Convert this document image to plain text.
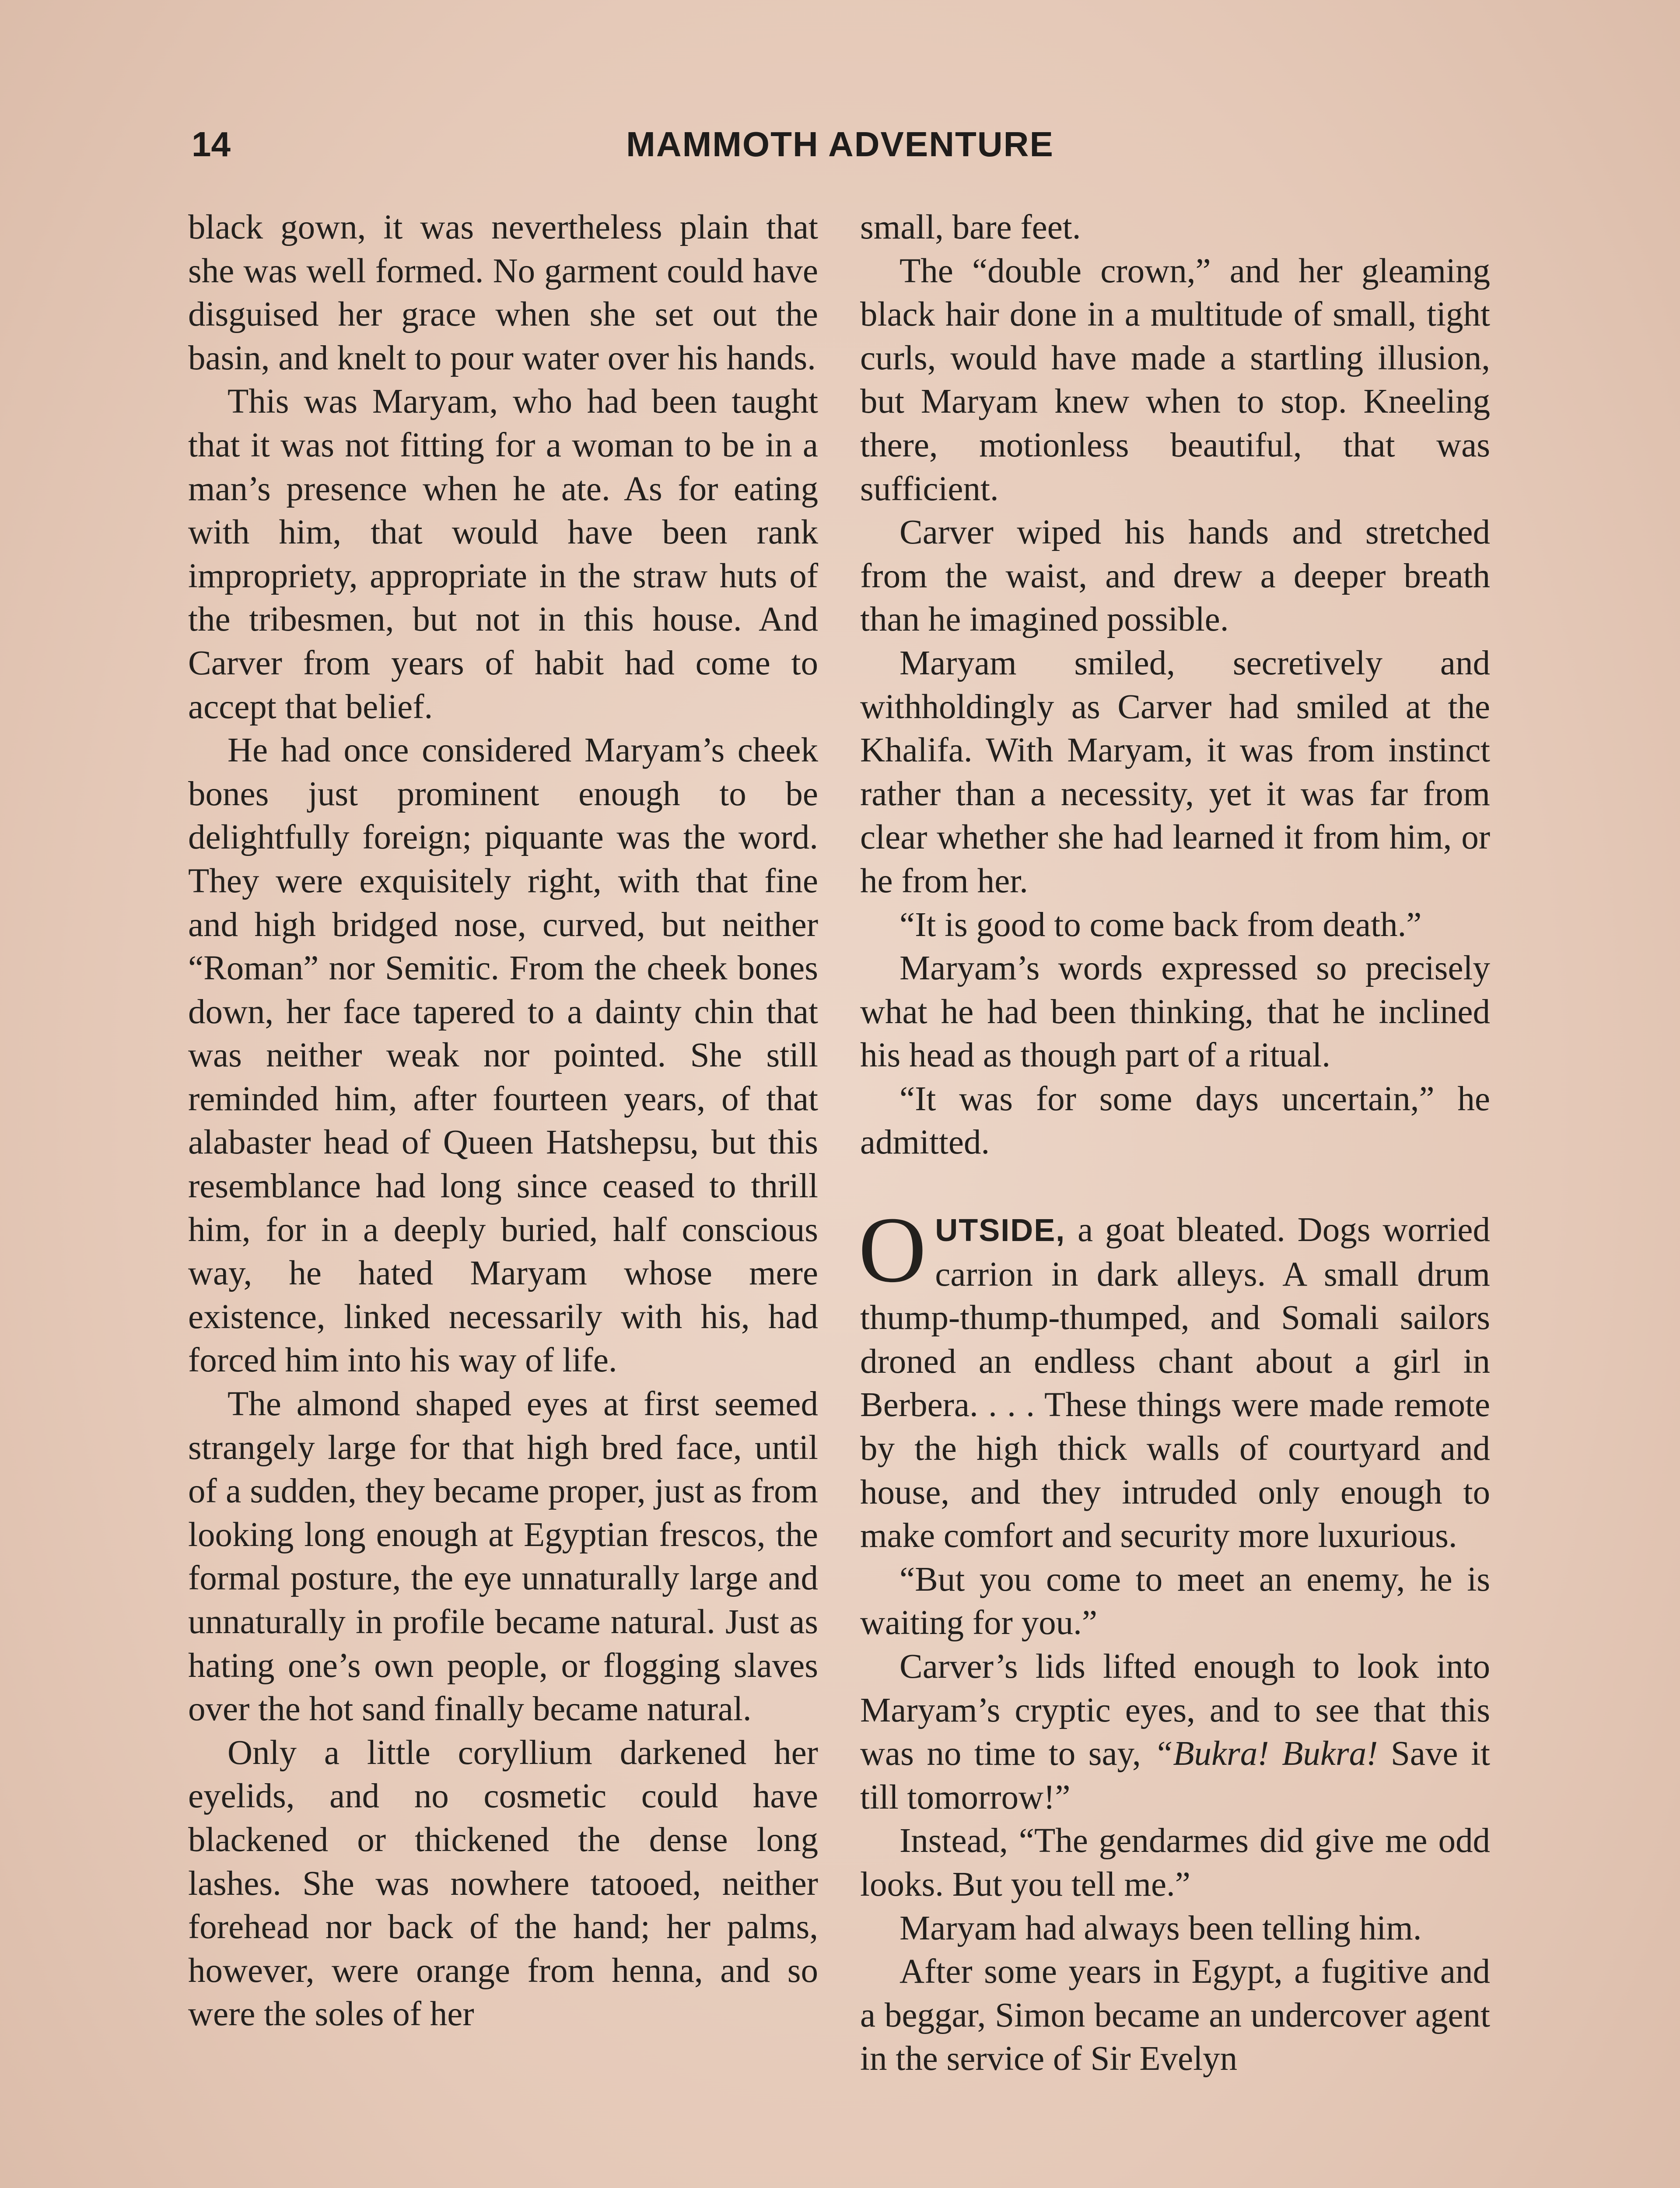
14	MAMMOTH ADVENTURE

black gown, it was nevertheless plain that she was well formed. No garment could have disguised her grace when she set out the basin, and knelt to pour water over his hands.

This was Maryam, who had been taught that it was not fitting for a woman to be in a man’s presence when he ate. As for eating with him, that would have been rank impropriety, appropriate in the straw huts of the tribesmen, but not in this house. And Carver from years of habit had come to accept that belief.

He had once considered Maryam’s cheek bones just prominent enough to be delightfully foreign; piquante was the word. They were exquisitely right, with that fine and high bridged nose, curved, but neither “Roman” nor Semitic. From the cheek bones down, her face tapered to a dainty chin that was neither weak nor pointed. She still reminded him, after fourteen years, of that alabaster head of Queen Hatshepsu, but this resemblance had long since ceased to thrill him, for in a deeply buried, half conscious way, he hated Maryam whose mere existence, linked necessarily with his, had forced him into his way of life.

The almond shaped eyes at first seemed strangely large for that high bred face, until of a sudden, they became proper, just as from looking long enough at Egyptian frescos, the formal posture, the eye unnaturally large and unnaturally in profile became natural. Just as hating one’s own people, or flogging slaves over the hot sand finally became natural.

Only a little coryllium darkened her eyelids, and no cosmetic could have blackened or thickened the dense long lashes. She was nowhere tatooed, neither forehead nor back of the hand; her palms, however, were orange from henna, and so were the soles of her

small, bare feet.

The “double crown,” and her gleaming black hair done in a multitude of small, tight curls, would have made a startling illusion, but Maryam knew when to stop. Kneeling there, motionless beautiful, that was sufficient.

Carver wiped his hands and stretched from the waist, and drew a deeper breath than he imagined possible.

Maryam smiled, secretively and withholdingly as Carver had smiled at the Khalifa. With Maryam, it was from instinct rather than a necessity, yet it was far from clear whether she had learned it from him, or he from her.

“It is good to come back from death.”

Maryam’s words expressed so precisely what he had been thinking, that he inclined his head as though part of a ritual.

“It was for some days uncertain,” he admitted.

OUTSIDE, a goat bleated. Dogs worried carrion in dark alleys. A small drum thump-thump-thumped, and Somali sailors droned an endless chant about a girl in Berbera. . . . These things were made remote by the high thick walls of courtyard and house, and they intruded only enough to make comfort and security more luxurious.

“But you come to meet an enemy, he is waiting for you.”

Carver’s lids lifted enough to look into Maryam’s cryptic eyes, and to see that this was no time to say, “Bukra! Bukra! Save it till tomorrow!”

Instead, “The gendarmes did give me odd looks. But you tell me.”

Maryam had always been telling him.

After some years in Egypt, a fugitive and a beggar, Simon became an undercover agent in the service of Sir Evelyn
